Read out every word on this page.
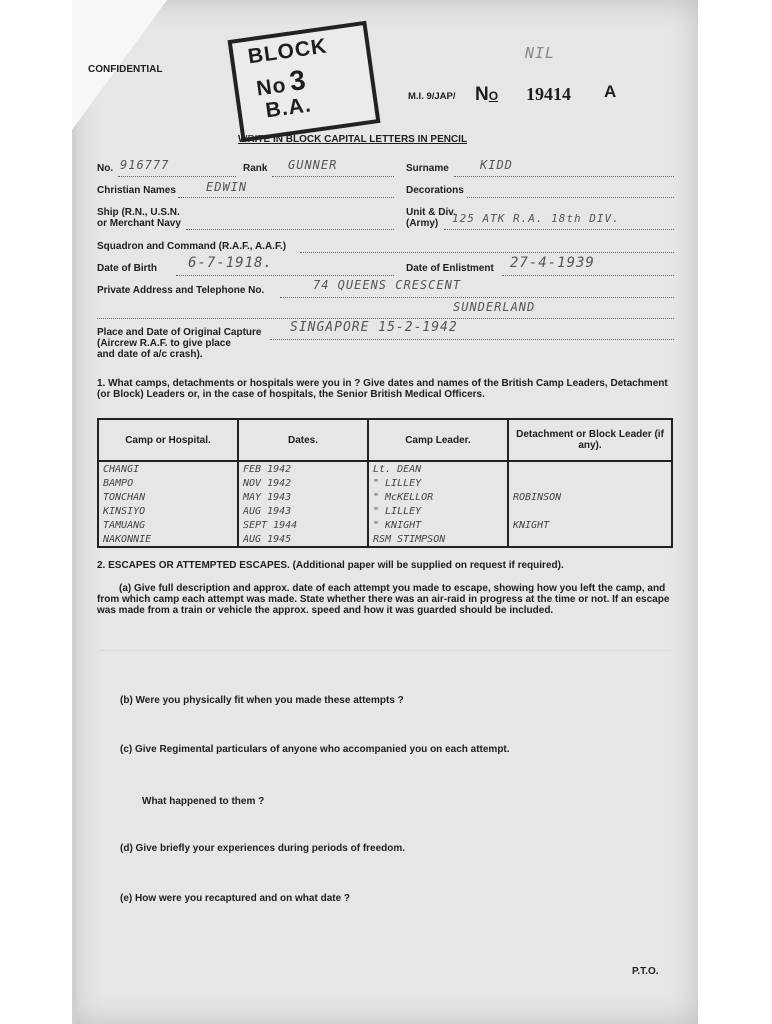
CONFIDENTIAL
NIL
M.I. 9/JAP/ NO 19414 A
WRITE IN BLOCK CAPITAL LETTERS IN PENCIL
BLOCK
No3
B.A.
No. 916777	Rank GUNNER	Surname	KIDD
Christian Names	EDWIN	Decorations
Ship (R.N., U.S.N.
or Merchant Navy
Unit & Div.
(Army) 125 ATK R.A. 18th DIV.
Squadron and Command (R.A.F., A.A.F.)
Date of Birth 6-7-1918.	Date of Enlistment 27-4-1939
Private Address and Telephone No.	74 QUEENS CRESCENT
SUNDERLAND
Place and Date of Original Capture
(Aircrew R.A.F. to give place
and date of a/c crash).
SINGAPORE 15-2-1942
1. What camps, detachments or hospitals were you in ? Give dates and names of the British Camp Leaders, Detachment (or Block) Leaders or, in the case of hospitals, the Senior British Medical Officers.
Camp or Hospital.	Dates.	Camp Leader.	Detachment or Block Leader (if any).
CHANGI	FEB 1942	Lt. DEAN	
BAMPO	NOV 1942	" LILLEY	
TONCHAN	MAY 1943	" McKELLOR	ROBINSON
KINSIYO	AUG 1943	" LILLEY	
TAMUANG	SEPT 1944	" KNIGHT	KNIGHT
NAKONNIE	AUG 1945	RSM STIMPSON	
2. ESCAPES OR ATTEMPTED ESCAPES. (Additional paper will be supplied on request if required).
(a) Give full description and approx. date of each attempt you made to escape, showing how you left the camp, and from which camp each attempt was made. State whether there was an air-raid in progress at the time or not. If an escape was made from a train or vehicle the approx. speed and how it was guarded should be included.
(b) Were you physically fit when you made these attempts ?
(c) Give Regimental particulars of anyone who accompanied you on each attempt.
What happened to them ?
(d) Give briefly your experiences during periods of freedom.
(e) How were you recaptured and on what date ?
P.T.O.
